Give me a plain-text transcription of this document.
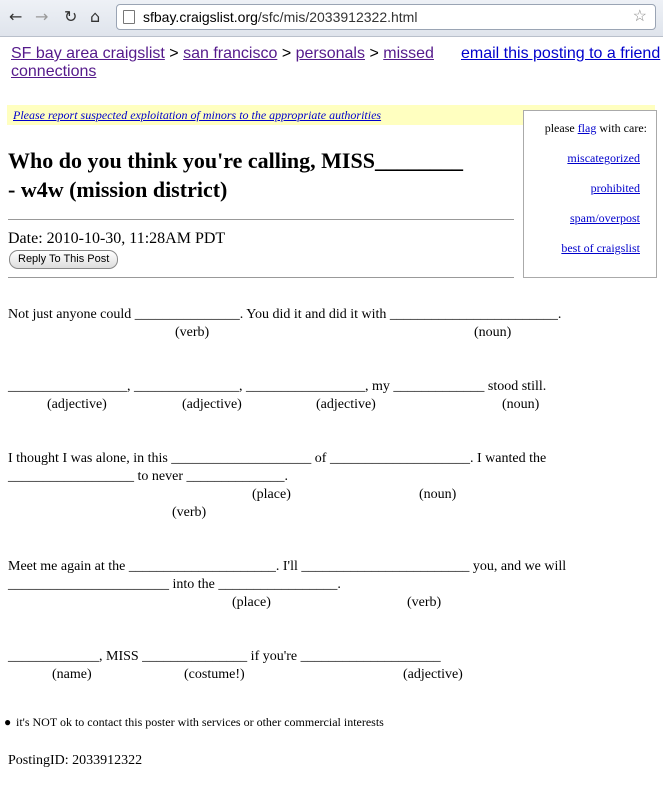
← → ↻ ⌂	sfbay.craigslist.org/sfc/mis/2033912322.html	☆
SF bay area craigslist > san francisco > personals > missed connections
email this posting to a friend
Please report suspected exploitation of minors to the appropriate authorities
please flag with care:
miscategorized
prohibited
spam/overpost
best of craigslist
Who do you think you're calling, MISS________
- w4w (mission district)
Date: 2010-10-30, 11:28AM PDT
Reply To This Post
Not just anyone could _______________. You did it and did it with ________________________.
(verb)	(noun)
_________________, _______________, _________________, my _____________ stood still.
(adjective)	(adjective)	(adjective)	(noun)
I thought I was alone, in this ____________________ of ____________________. I wanted the
__________________ to never ______________.
(place)	(noun)
(verb)
Meet me again at the _____________________. I'll ________________________ you, and we will
_______________________ into the _________________.
(place)	(verb)
_____________, MISS _______________ if you're ____________________
(name)	(costume!)	(adjective)
● it's NOT ok to contact this poster with services or other commercial interests
PostingID: 2033912322
